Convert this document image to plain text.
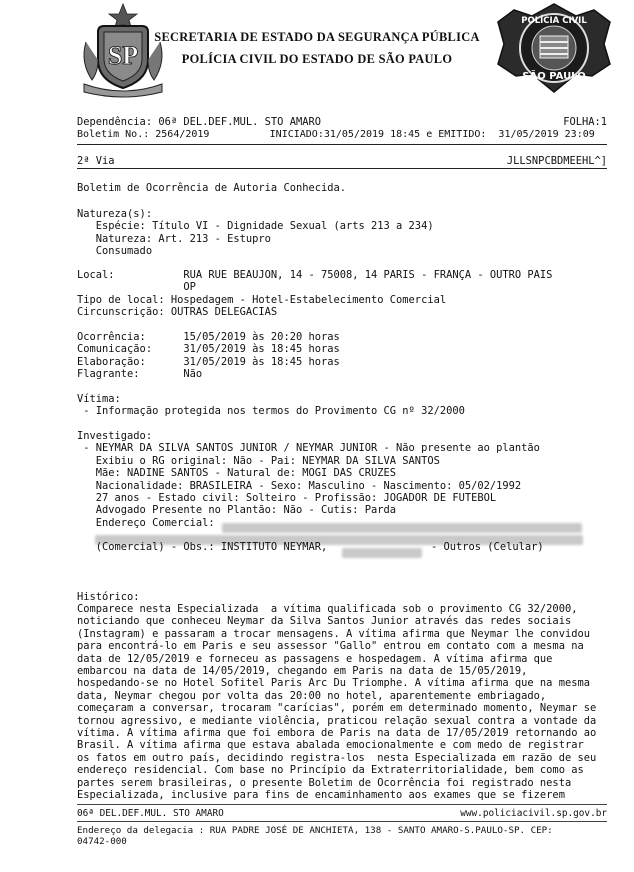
SP
POLÍCIA CIVIL
SÃO PAULO
SECRETARIA DE ESTADO DA SEGURANÇA PÚBLICA
POLÍCIA CIVIL DO ESTADO DE SÃO PAULO
Dependência: 06ª DEL.DEF.MUL. STO AMARO	FOLHA:1
Boletim No.: 2564/2019          INICIADO:31/05/2019 18:45 e EMITIDO:  31/05/2019 23:09
2ª Via	JLLSNPCBDMEEHL^]
Boletim de Ocorrência de Autoria Conhecida.
Natureza(s):
Espécie: Título VI - Dignidade Sexual (arts 213 a 234)
Natureza: Art. 213 - Estupro
Consumado
Local:           RUA RUE BEAUJON, 14 - 75008, 14 PARIS - FRANÇA - OUTRO PAIS
OP
Tipo de local: Hospedagem - Hotel-Estabelecimento Comercial
Circunscrição: OUTRAS DELEGACIAS
Ocorrência:      15/05/2019 às 20:20 horas
Comunicação:     31/05/2019 às 18:45 horas
Elaboração:      31/05/2019 às 18:45 horas
Flagrante:       Não
Vítima:
- Informação protegida nos termos do Provimento CG nº 32/2000
Investigado:
- NEYMAR DA SILVA SANTOS JUNIOR / NEYMAR JUNIOR - Não presente ao plantão
Exibiu o RG original: Não - Pai: NEYMAR DA SILVA SANTOS
Mãe: NADINE SANTOS - Natural de: MOGI DAS CRUZES
Nacionalidade: BRASILEIRA - Sexo: Masculino - Nascimento: 05/02/1992
27 anos - Estado civil: Solteiro - Profissão: JOGADOR DE FUTEBOL
Advogado Presente no Plantão: Não - Cutis: Parda
Endereço Comercial:
(Comercial) - Obs.: INSTITUTO NEYMAR,	- Outros (Celular)
Histórico:
Comparece nesta Especializada  a vítima qualificada sob o provimento CG 32/2000,
noticiando que conheceu Neymar da Silva Santos Junior através das redes sociais
(Instagram) e passaram a trocar mensagens. A vítima afirma que Neymar lhe convidou
para encontrá-lo em Paris e seu assessor "Gallo" entrou em contato com a mesma na
data de 12/05/2019 e forneceu as passagens e hospedagem. A vítima afirma que
embarcou na data de 14/05/2019, chegando em Paris na data de 15/05/2019,
hospedando-se no Hotel Sofitel Paris Arc Du Triomphe. A vítima afirma que na mesma
data, Neymar chegou por volta das 20:00 no hotel, aparentemente embriagado,
começaram a conversar, trocaram "carícias", porém em determinado momento, Neymar se
tornou agressivo, e mediante violência, praticou relação sexual contra a vontade da
vítima. A vítima afirma que foi embora de Paris na data de 17/05/2019 retornando ao
Brasil. A vítima afirma que estava abalada emocionalmente e com medo de registrar
os fatos em outro país, decidindo registra-los  nesta Especializada em razão de seu
endereço residencial. Com base no Princípio da Extraterritorialidade, bem como as
partes serem brasileiras, o presente Boletim de Ocorrência foi registrado nesta
Especializada, inclusive para fins de encaminhamento aos exames que se fizerem
06ª DEL.DEF.MUL. STO AMARO	www.policiacivil.sp.gov.br
Endereço da delegacia : RUA PADRE JOSÉ DE ANCHIETA, 138 - SANTO AMARO-S.PAULO-SP. CEP:
04742-000
